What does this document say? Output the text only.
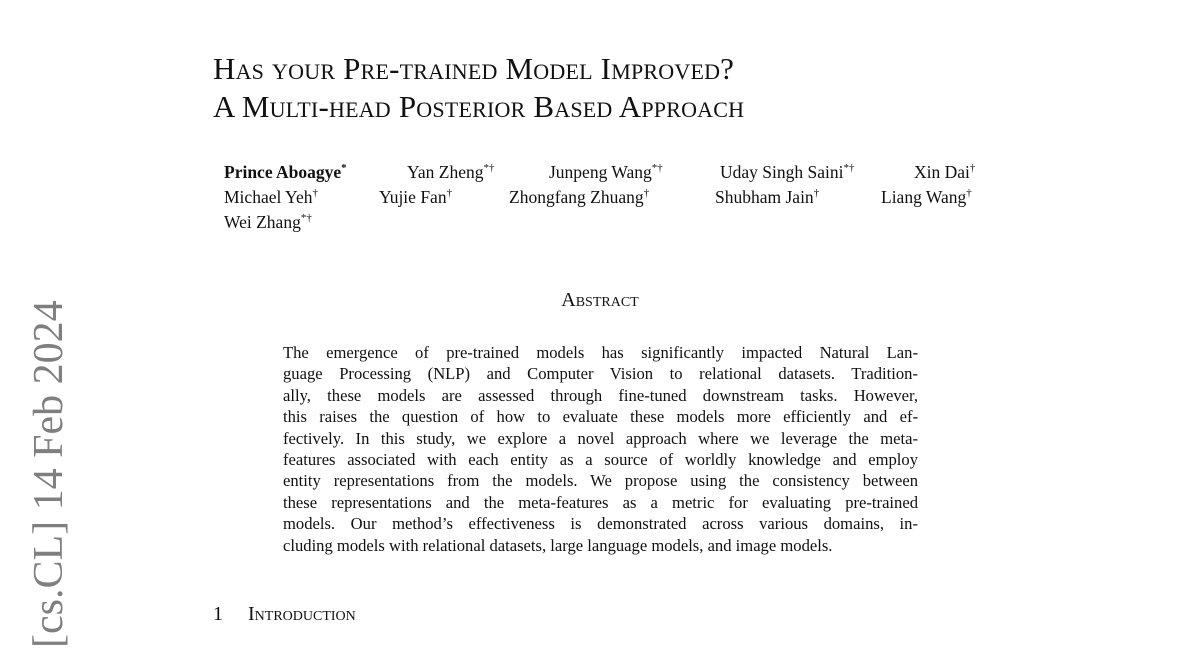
Has your Pre-trained Model Improved?
A Multi-head Posterior Based Approach
Prince Aboagye*	Yan Zheng*†	Junpeng Wang*†	Uday Singh Saini*†	Xin Dai†
Michael Yeh†	Yujie Fan†	Zhongfang Zhuang†	Shubham Jain†	Liang Wang†
Wei Zhang*†
Abstract
The emergence of pre-trained models has significantly impacted Natural Lan-
guage Processing (NLP) and Computer Vision to relational datasets. Tradition-
ally, these models are assessed through fine-tuned downstream tasks. However,
this raises the question of how to evaluate these models more efficiently and ef-
fectively. In this study, we explore a novel approach where we leverage the meta-
features associated with each entity as a source of worldly knowledge and employ
entity representations from the models. We propose using the consistency between
these representations and the meta-features as a metric for evaluating pre-trained
models. Our method’s effectiveness is demonstrated across various domains, in-
cluding models with relational datasets, large language models, and image models.
1 Introduction
[cs.CL] 14 Feb 2024
